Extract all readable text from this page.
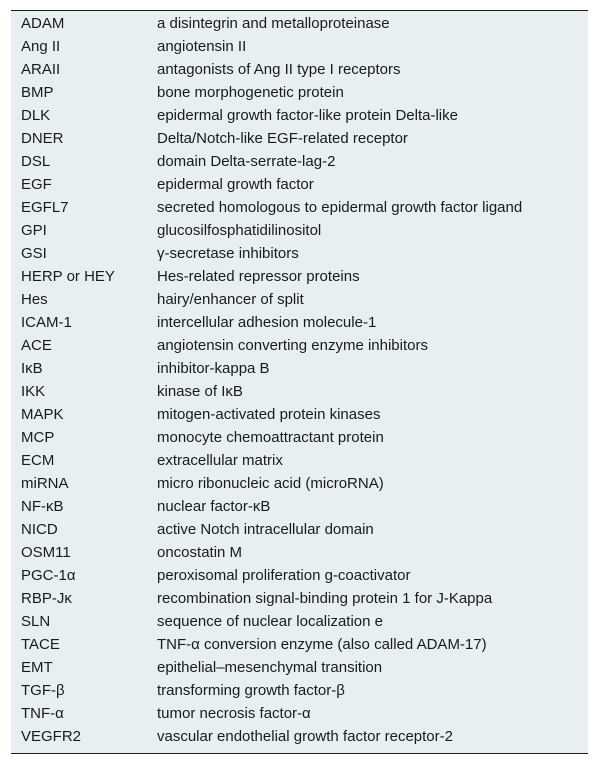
ADAM	a disintegrin and metalloproteinase
Ang II	angiotensin II
ARAII	antagonists of Ang II type I receptors
BMP	bone morphogenetic protein
DLK	epidermal growth factor-like protein Delta-like
DNER	Delta/Notch-like EGF-related receptor
DSL	domain Delta-serrate-lag-2
EGF	epidermal growth factor
EGFL7	secreted homologous to epidermal growth factor ligand
GPI	glucosilfosphatidilinositol
GSI	γ-secretase inhibitors
HERP or HEY	Hes-related repressor proteins
Hes	hairy/enhancer of split
ICAM-1	intercellular adhesion molecule-1
ACE	angiotensin converting enzyme inhibitors
IκB	inhibitor-kappa B
IKK	kinase of IκB
MAPK	mitogen-activated protein kinases
MCP	monocyte chemoattractant protein
ECM	extracellular matrix
miRNA	micro ribonucleic acid (microRNA)
NF-κB	nuclear factor-κB
NICD	active Notch intracellular domain
OSM11	oncostatin M
PGC-1α	peroxisomal proliferation g-coactivator
RBP-Jκ	recombination signal-binding protein 1 for J-Kappa
SLN	sequence of nuclear localization e
TACE	TNF-α conversion enzyme (also called ADAM-17)
EMT	epithelial–mesenchymal transition
TGF-β	transforming growth factor-β
TNF-α	tumor necrosis factor-α
VEGFR2	vascular endothelial growth factor receptor-2
